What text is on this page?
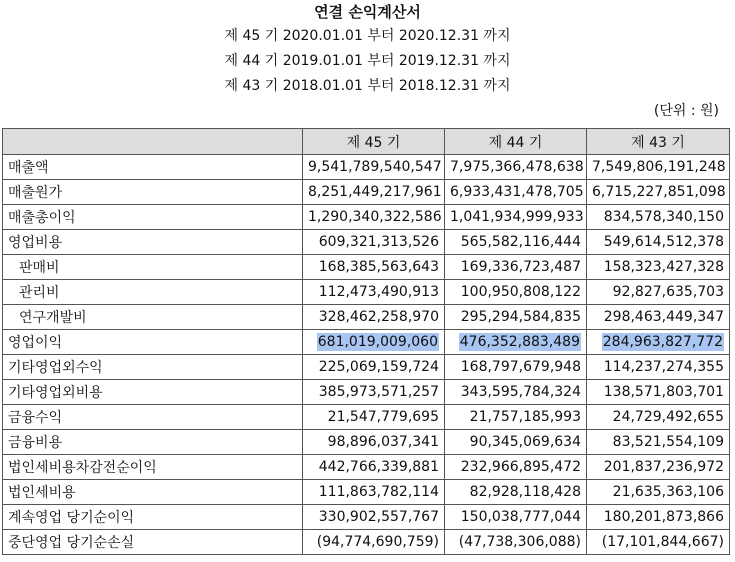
연결 손익계산서
제 45 기 2020.01.01 부터 2020.12.31 까지
제 44 기 2019.01.01 부터 2019.12.31 까지
제 43 기 2018.01.01 부터 2018.12.31 까지
(단위 : 원)
	제 45 기	제 44 기	제 43 기
매출액	9,541,789,540,547	7,975,366,478,638	7,549,806,191,248
매출원가	8,251,449,217,961	6,933,431,478,705	6,715,227,851,098
매출총이익	1,290,340,322,586	1,041,934,999,933	834,578,340,150
영업비용	609,321,313,526	565,582,116,444	549,614,512,378
판매비	168,385,563,643	169,336,723,487	158,323,427,328
관리비	112,473,490,913	100,950,808,122	92,827,635,703
연구개발비	328,462,258,970	295,294,584,835	298,463,449,347
영업이익	681,019,009,060	476,352,883,489	284,963,827,772
기타영업외수익	225,069,159,724	168,797,679,948	114,237,274,355
기타영업외비용	385,973,571,257	343,595,784,324	138,571,803,701
금융수익	21,547,779,695	21,757,185,993	24,729,492,655
금융비용	98,896,037,341	90,345,069,634	83,521,554,109
법인세비용차감전순이익	442,766,339,881	232,966,895,472	201,837,236,972
법인세비용	111,863,782,114	82,928,118,428	21,635,363,106
계속영업 당기순이익	330,902,557,767	150,038,777,044	180,201,873,866
중단영업 당기순손실	(94,774,690,759)	(47,738,306,088)	(17,101,844,667)
